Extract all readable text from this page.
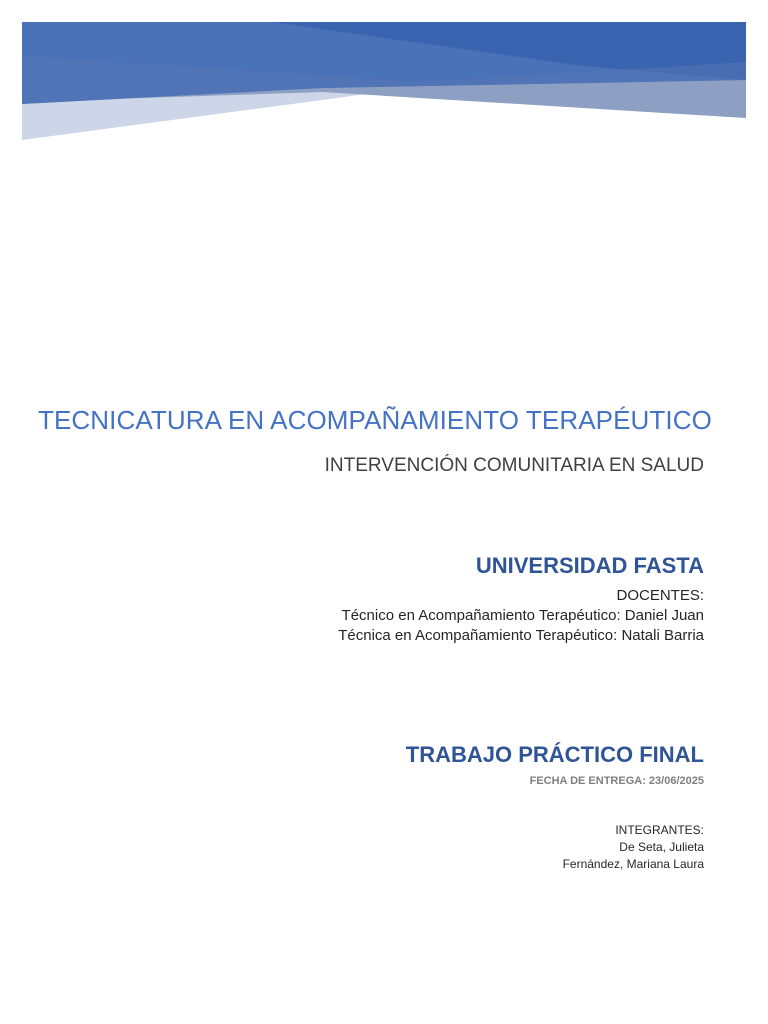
TECNICATURA EN ACOMPAÑAMIENTO TERAPÉUTICO
INTERVENCIÓN COMUNITARIA EN SALUD
UNIVERSIDAD FASTA
DOCENTES:
Técnico en Acompañamiento Terapéutico: Daniel Juan
Técnica en Acompañamiento Terapéutico: Natali Barria
TRABAJO PRÁCTICO FINAL
FECHA DE ENTREGA: 23/06/2025
INTEGRANTES:
De Seta, Julieta
Fernández, Mariana Laura
